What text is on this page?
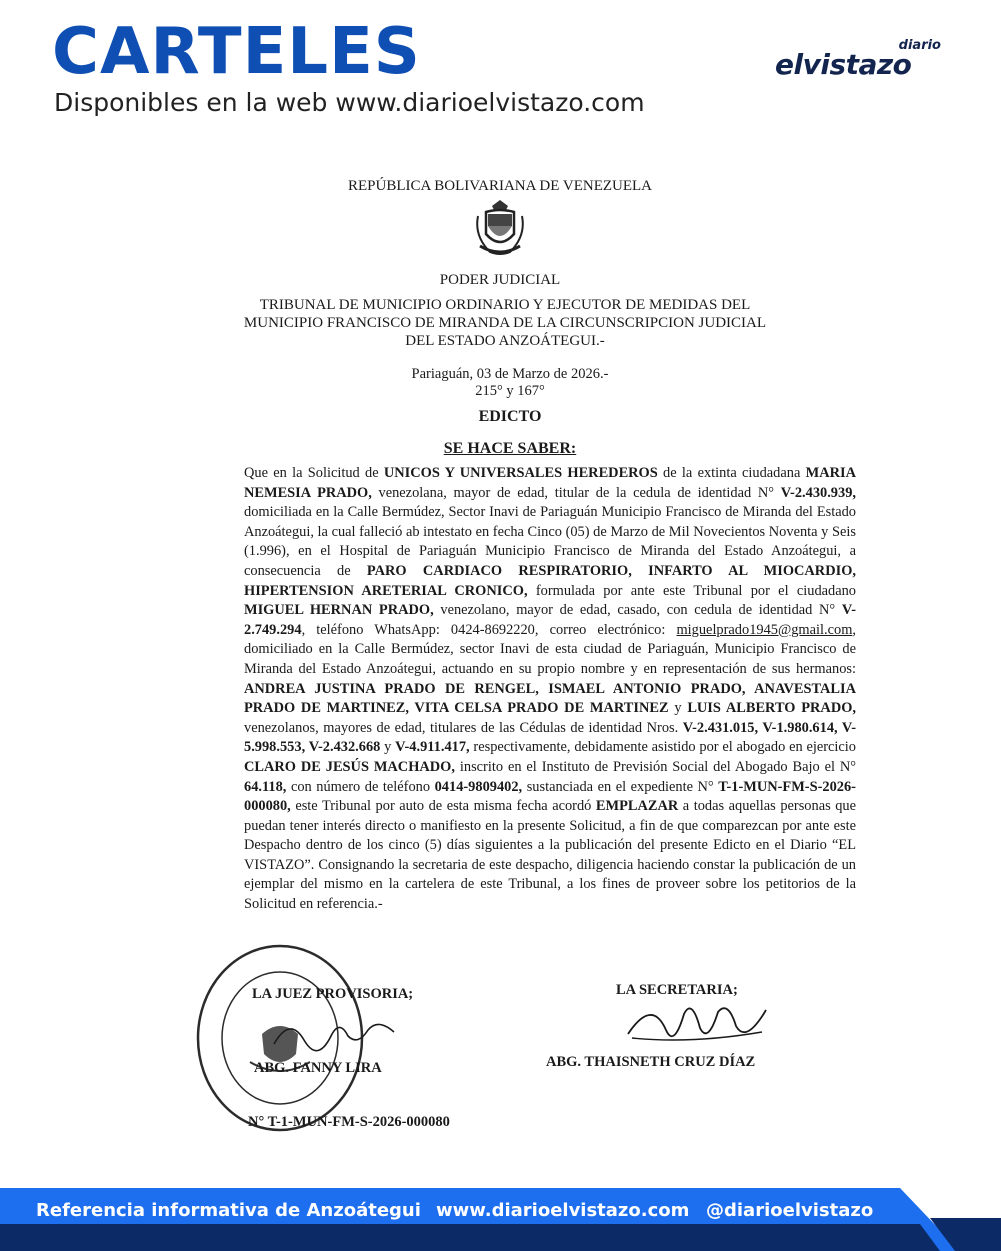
CARTELES
Disponibles en la web www.diarioelvistazo.com
diario
elvistazo
REPÚBLICA BOLIVARIANA DE VENEZUELA
PODER JUDICIAL
TRIBUNAL DE MUNICIPIO ORDINARIO Y EJECUTOR DE MEDIDAS DEL
MUNICIPIO FRANCISCO DE MIRANDA DE LA CIRCUNSCRIPCION JUDICIAL
DEL ESTADO ANZOÁTEGUI.-
Pariaguán, 03 de Marzo de 2026.-
215° y 167°
EDICTO
SE HACE SABER:
Que en la Solicitud de UNICOS Y UNIVERSALES HEREDEROS de la extinta ciudadana MARIA NEMESIA PRADO, venezolana, mayor de edad, titular de la cedula de identidad N° V-2.430.939, domiciliada en la Calle Bermúdez, Sector Inavi de Pariaguán Municipio Francisco de Miranda del Estado Anzoátegui, la cual falleció ab intestato en fecha Cinco (05) de Marzo de Mil Novecientos Noventa y Seis (1.996), en el Hospital de Pariaguán Municipio Francisco de Miranda del Estado Anzoátegui, a consecuencia de PARO CARDIACO RESPIRATORIO, INFARTO AL MIOCARDIO, HIPERTENSION ARETERIAL CRONICO, formulada por ante este Tribunal por el ciudadano MIGUEL HERNAN PRADO, venezolano, mayor de edad, casado, con cedula de identidad N° V-2.749.294, teléfono WhatsApp: 0424-8692220, correo electrónico: miguelprado1945@gmail.com, domiciliado en la Calle Bermúdez, sector Inavi de esta ciudad de Pariaguán, Municipio Francisco de Miranda del Estado Anzoátegui, actuando en su propio nombre y en representación de sus hermanos: ANDREA JUSTINA PRADO DE RENGEL, ISMAEL ANTONIO PRADO, ANAVESTALIA PRADO DE MARTINEZ, VITA CELSA PRADO DE MARTINEZ y LUIS ALBERTO PRADO, venezolanos, mayores de edad, titulares de las Cédulas de identidad Nros. V-2.431.015, V-1.980.614, V-5.998.553, V-2.432.668 y V-4.911.417, respectivamente, debidamente asistido por el abogado en ejercicio CLARO DE JESÚS MACHADO, inscrito en el Instituto de Previsión Social del Abogado Bajo el N° 64.118, con número de teléfono 0414-9809402, sustanciada en el expediente N° T-1-MUN-FM-S-2026-000080, este Tribunal por auto de esta misma fecha acordó EMPLAZAR a todas aquellas personas que puedan tener interés directo o manifiesto en la presente Solicitud, a fin de que comparezcan por ante este Despacho dentro de los cinco (5) días siguientes a la publicación del presente Edicto en el Diario “EL VISTAZO”. Consignando la secretaria de este despacho, diligencia haciendo constar la publicación de un ejemplar del mismo en la cartelera de este Tribunal, a los fines de proveer sobre los petitorios de la Solicitud en referencia.-
LA JUEZ PROVISORIA;	LA SECRETARIA;
ABG. FANNY LIRA	ABG. THAISNETH CRUZ DÍAZ
N° T-1-MUN-FM-S-2026-000080
Referencia informativa de Anzoátegui www.diarioelvistazo.com @diarioelvistazo
